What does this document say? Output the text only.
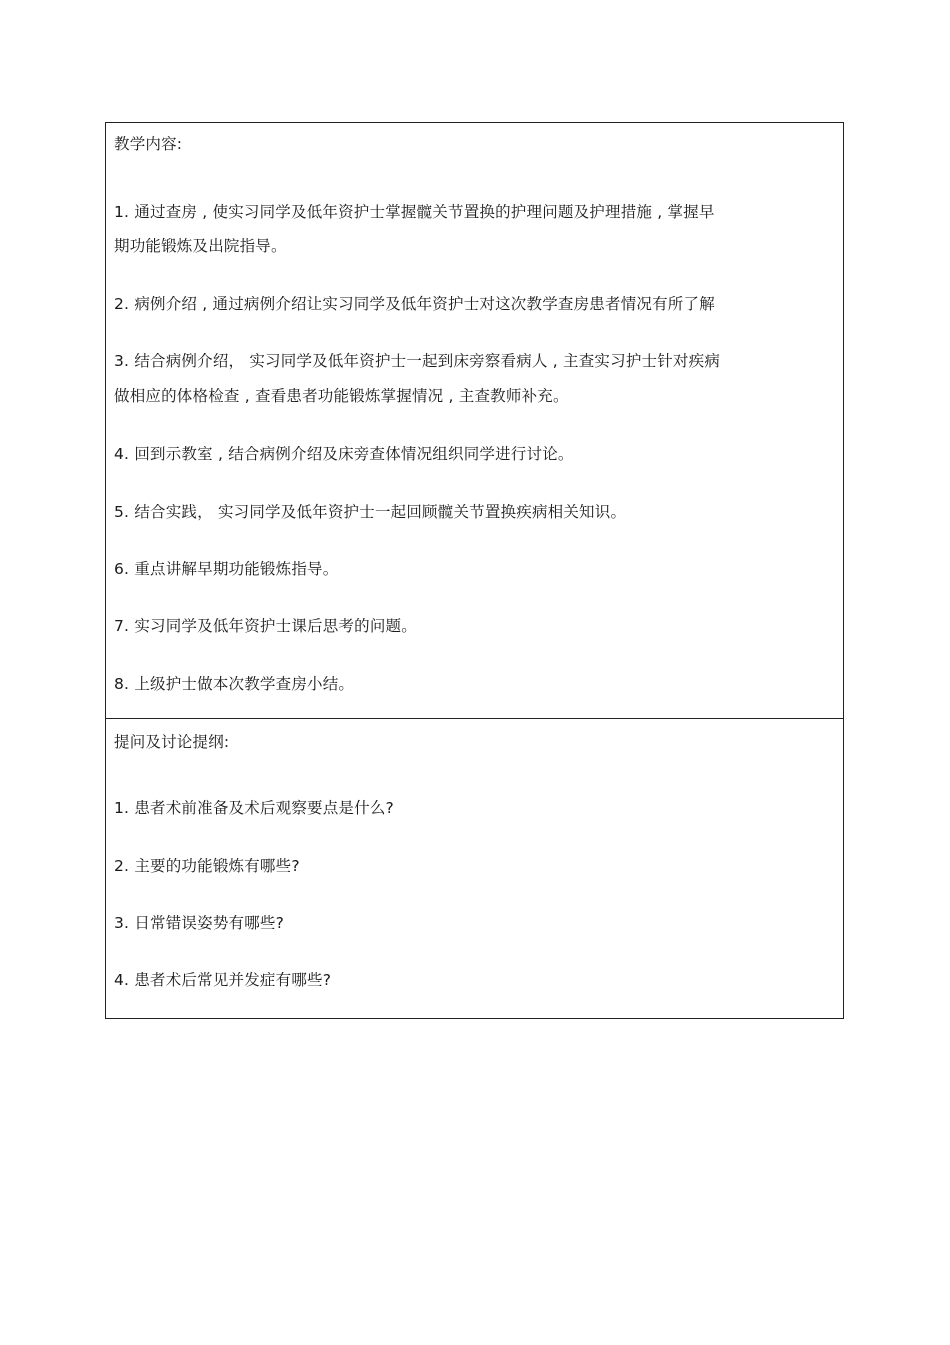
教学内容:
1. 通过查房 , 使实习同学及低年资护士掌握髋关节置换的护理问题及护理措施 , 掌握早
期功能锻炼及出院指导。
2. 病例介绍 , 通过病例介绍让实习同学及低年资护士对这次教学查房患者情况有所了解
3. 结合病例介绍， 实习同学及低年资护士一起到床旁察看病人 , 主查实习护士针对疾病
做相应的体格检查 , 查看患者功能锻炼掌握情况 , 主查教师补充。
4. 回到示教室 , 结合病例介绍及床旁查体情况组织同学进行讨论。
5. 结合实践， 实习同学及低年资护士一起回顾髋关节置换疾病相关知识。
6. 重点讲解早期功能锻炼指导。
7. 实习同学及低年资护士课后思考的问题。
8. 上级护士做本次教学查房小结。
提问及讨论提纲:
1. 患者术前准备及术后观察要点是什么?
2. 主要的功能锻炼有哪些?
3. 日常错误姿势有哪些?
4. 患者术后常见并发症有哪些?
